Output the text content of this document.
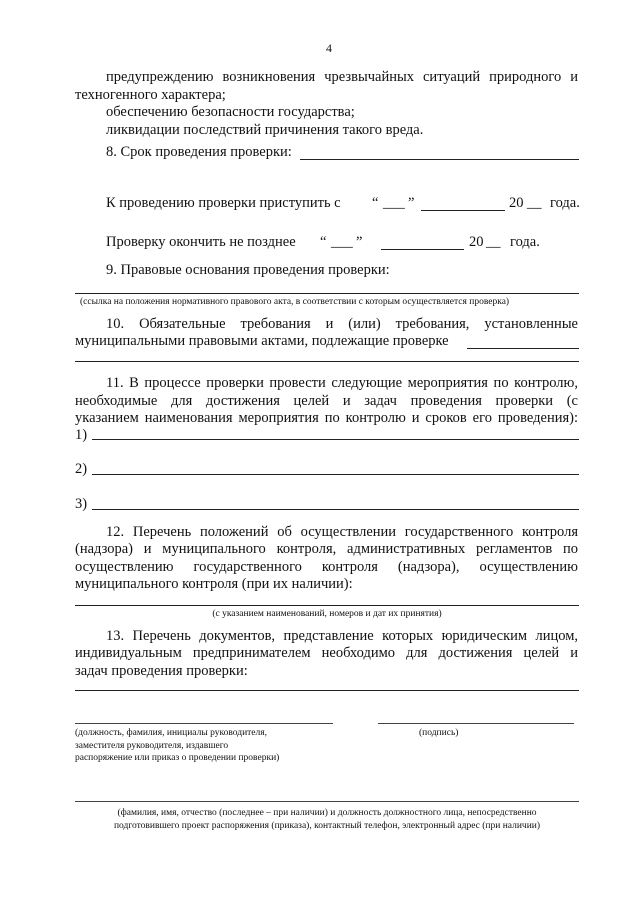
4
предупреждению возникновения чрезвычайных ситуаций природного и
техногенного характера;
обеспечению безопасности государства;
ликвидации последствий причинения такого вреда.
8. Срок проведения проверки:
К проведению проверки приступить с “ ___ ”	20 __ года.
Проверку окончить не позднее “ ___ ”	20 __ года.
9. Правовые основания проведения проверки:
(ссылка на положения нормативного правового акта, в соответствии с которым осуществляется проверка)
10. Обязательные требования и (или) требования, установленные
муниципальными правовыми актами, подлежащие проверке
11. В процессе проверки провести следующие мероприятия по контролю,
необходимые для достижения целей и задач проведения проверки (с
указанием наименования мероприятия по контролю и сроков его проведения):
1)
2)
3)
12. Перечень положений об осуществлении государственного контроля
(надзора) и муниципального контроля, административных регламентов по
осуществлению государственного контроля (надзора), осуществлению
муниципального контроля (при их наличии):
(с указанием наименований, номеров и дат их принятия)
13. Перечень документов, представление которых юридическим лицом,
индивидуальным предпринимателем необходимо для достижения целей и
задач проведения проверки:
(должность, фамилия, инициалы руководителя,
заместителя руководителя, издавшего
распоряжение или приказ о проведении проверки)
(подпись)
(фамилия, имя, отчество (последнее – при наличии) и должность должностного лица, непосредственно
подготовившего проект распоряжения (приказа), контактный телефон, электронный адрес (при наличии)
